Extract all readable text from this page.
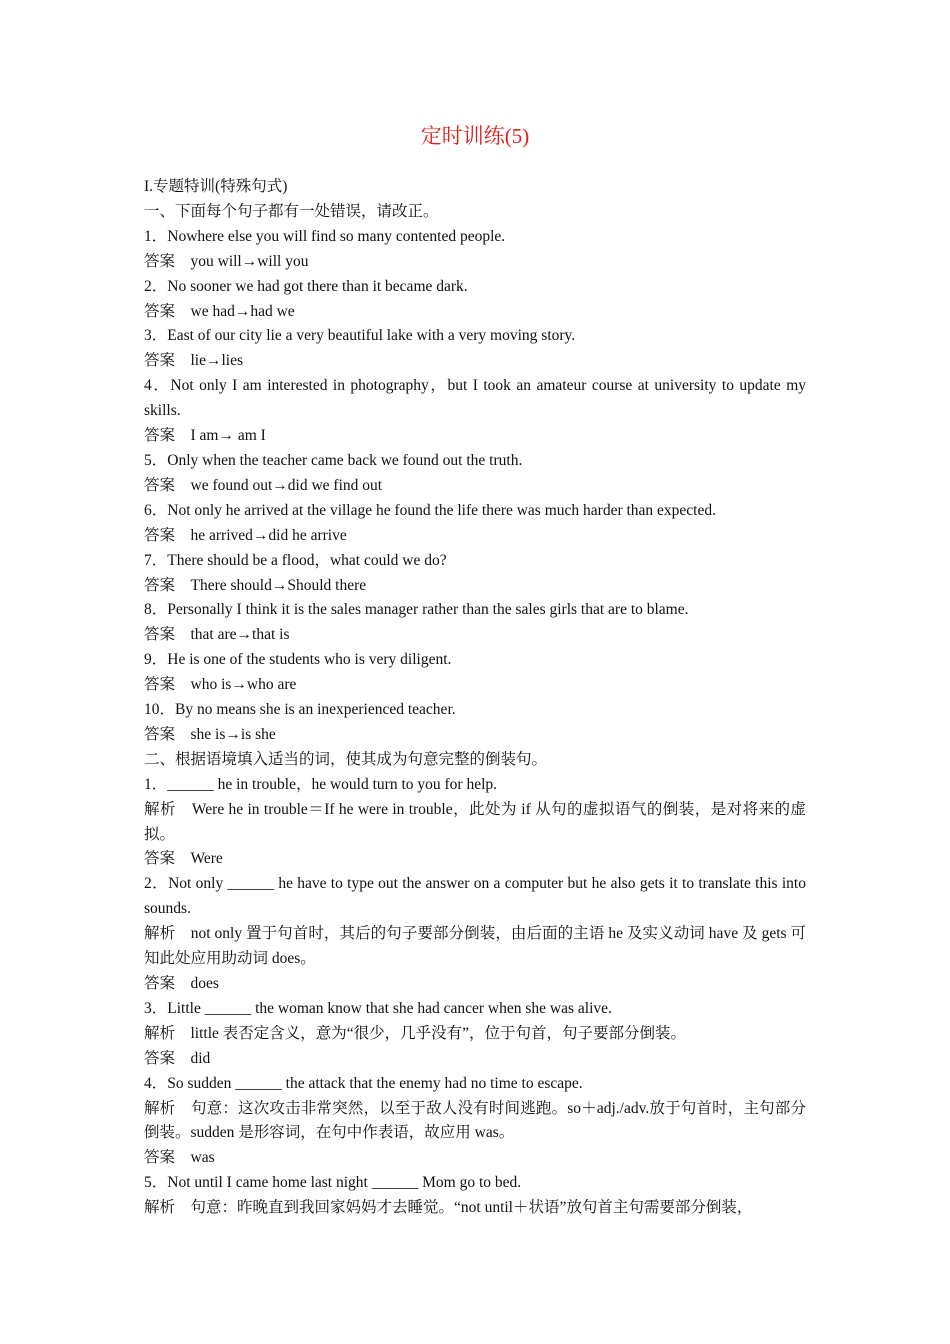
定时训练(5)
I.专题特训(特殊句式)
一、下面每个句子都有一处错误，请改正。
1．Nowhere else you will find so many contented people.
答案　you will→will you
2．No sooner we had got there than it became dark.
答案　we had→had we
3．East of our city lie a very beautiful lake with a very moving story.
答案　lie→lies
4．Not only I am interested in photography，but I took an amateur course at university to update my skills.
答案　I am→ am I
5．Only when the teacher came back we found out the truth.
答案　we found out→did we find out
6．Not only he arrived at the village he found the life there was much harder than expected.
答案　he arrived→did he arrive
7．There should be a flood，what could we do?
答案　There should→Should there
8．Personally I think it is the sales manager rather than the sales girls that are to blame.
答案　that are→that is
9．He is one of the students who is very diligent.
答案　who is→who are
10．By no means she is an inexperienced teacher.
答案　she is→is she
二、根据语境填入适当的词，使其成为句意完整的倒装句。
1．______ he in trouble，he would turn to you for help.
解析　Were he in trouble＝If he were in trouble，此处为 if 从句的虚拟语气的倒装，是对将来的虚拟。
答案　Were
2．Not only ______ he have to type out the answer on a computer but he also gets it to translate this into sounds.
解析　not only 置于句首时，其后的句子要部分倒装，由后面的主语 he 及实义动词 have 及 gets 可知此处应用助动词 does。
答案　does
3．Little ______ the woman know that she had cancer when she was alive.
解析　little 表否定含义，意为“很少，几乎没有”，位于句首，句子要部分倒装。
答案　did
4．So sudden ______ the attack that the enemy had no time to escape.
解析　句意：这次攻击非常突然，以至于敌人没有时间逃跑。so＋adj./adv.放于句首时，主句部分倒装。sudden 是形容词，在句中作表语，故应用 was。
答案　was
5．Not until I came home last night ______ Mom go to bed.
解析　句意：昨晚直到我回家妈妈才去睡觉。“not until＋状语”放句首主句需要部分倒装，
